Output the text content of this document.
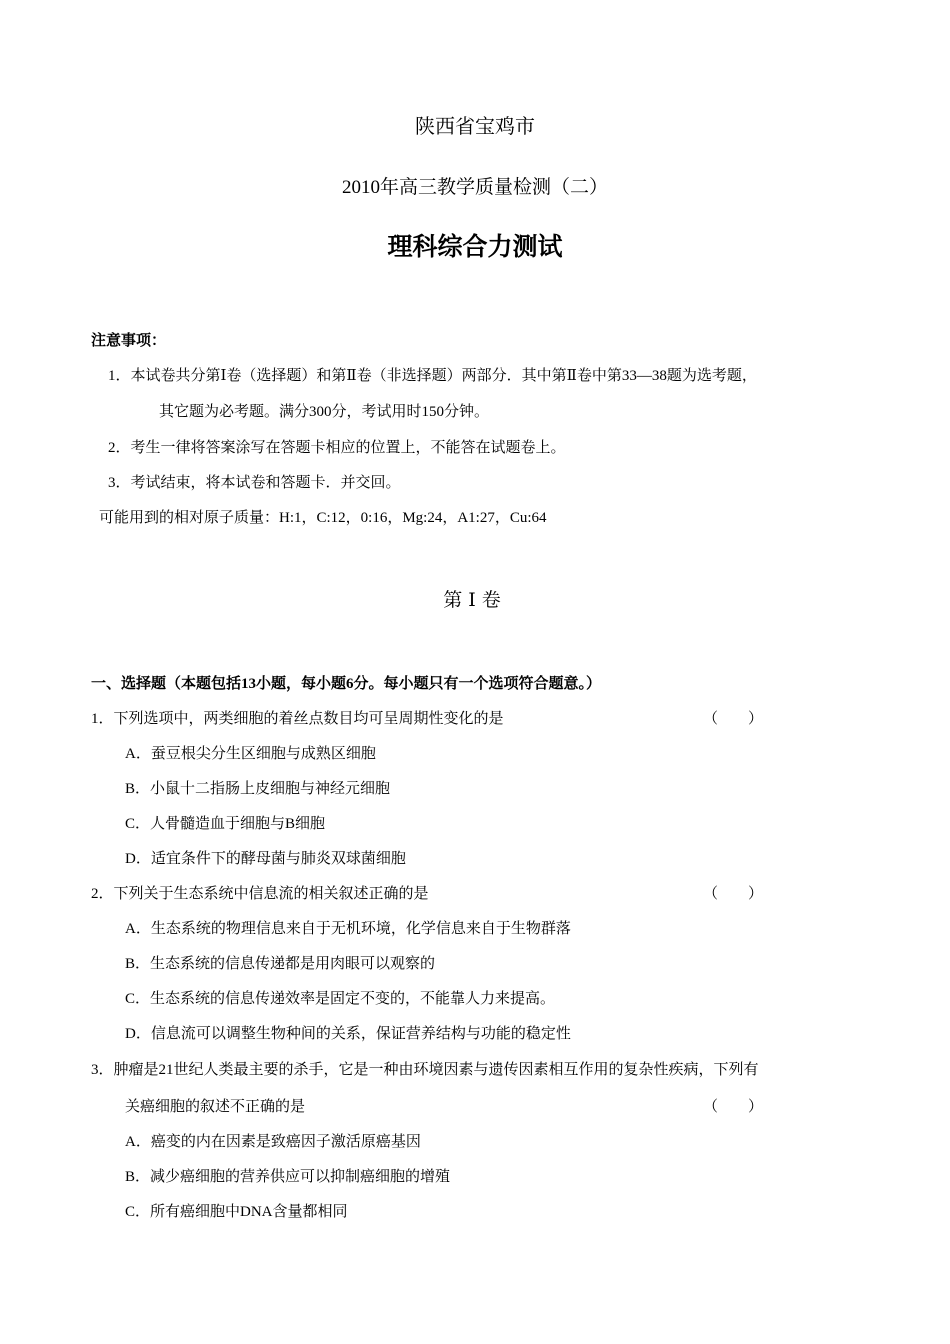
陕西省宝鸡市
2010年高三教学质量检测（二）
理科综合力测试
注意事项：
1．本试卷共分第Ⅰ卷（选择题）和第Ⅱ卷（非选择题）两部分．其中第Ⅱ卷中第33—38题为选考题，
其它题为必考题。满分300分，考试用时150分钟。
2．考生一律将答案涂写在答题卡相应的位置上，不能答在试题卷上。
3．考试结束，将本试卷和答题卡．并交回。
可能用到的相对原子质量：H:1，C:12，0:16，Mg:24，A1:27，Cu:64
第Ⅰ卷
一、选择题（本题包括13小题，每小题6分。每小题只有一个选项符合题意。）
1．下列选项中，两类细胞的着丝点数目均可呈周期性变化的是	（　　）
A．蚕豆根尖分生区细胞与成熟区细胞
B．小鼠十二指肠上皮细胞与神经元细胞
C．人骨髓造血于细胞与B细胞
D．适宜条件下的酵母菌与肺炎双球菌细胞
2．下列关于生态系统中信息流的相关叙述正确的是	（　　）
A．生态系统的物理信息来自于无机环境，化学信息来自于生物群落
B．生态系统的信息传递都是用肉眼可以观察的
C．生态系统的信息传递效率是固定不变的，不能靠人力来提高。
D．信息流可以调整生物种间的关系，保证营养结构与功能的稳定性
3．肿瘤是21世纪人类最主要的杀手，它是一种由环境因素与遗传因素相互作用的复杂性疾病，下列有
关癌细胞的叙述不正确的是	（　　）
A．癌变的内在因素是致癌因子激活原癌基因
B．减少癌细胞的营养供应可以抑制癌细胞的增殖
C．所有癌细胞中DNA含量都相同
